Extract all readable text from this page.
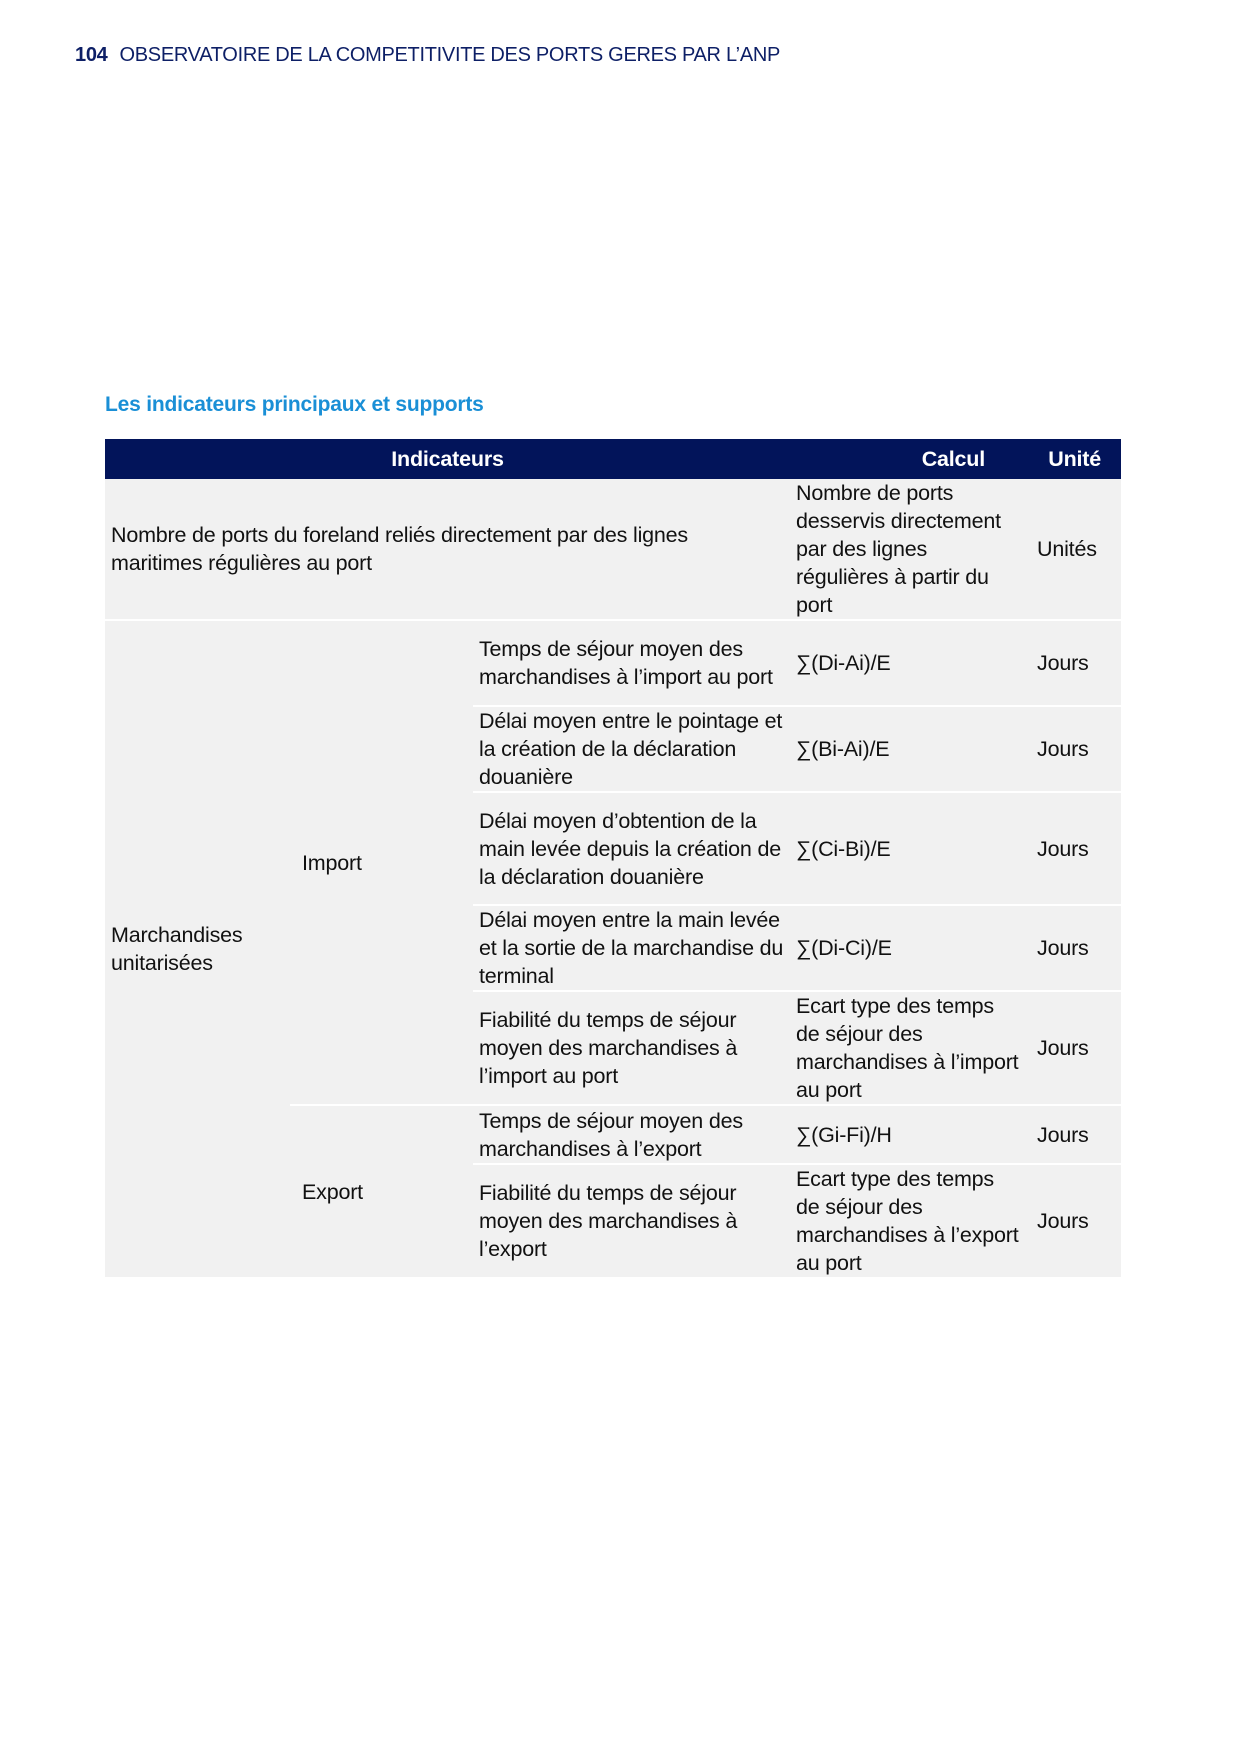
104 OBSERVATOIRE DE LA COMPETITIVITE DES PORTS GERES PAR L’ANP
Les indicateurs principaux et supports
Indicateurs			Calcul	Unité
Nombre de ports du foreland reliés directement par des lignes maritimes régulières au port			Nombre de ports desservis directement par des lignes régulières à partir du port	Unités
Marchandises unitarisées	Import	Temps de séjour moyen des marchandises à l’import au port	∑(Di-Ai)/E	Jours
		Délai moyen entre le pointage et la création de la déclaration douanière	∑(Bi-Ai)/E	Jours
		Délai moyen d’obtention de la main levée depuis la création de la déclaration douanière	∑(Ci-Bi)/E	Jours
		Délai moyen entre la main levée et la sortie de la marchandise du terminal	∑(Di-Ci)/E	Jours
		Fiabilité du temps de séjour moyen des marchandises à l’import au port	Ecart type des temps de séjour des marchandises à l’import au port	Jours
	Export	Temps de séjour moyen des marchandises à l’export	∑(Gi-Fi)/H	Jours
		Fiabilité du temps de séjour moyen des marchandises à l’export	Ecart type des temps de séjour des marchandises à l’export au port	Jours
